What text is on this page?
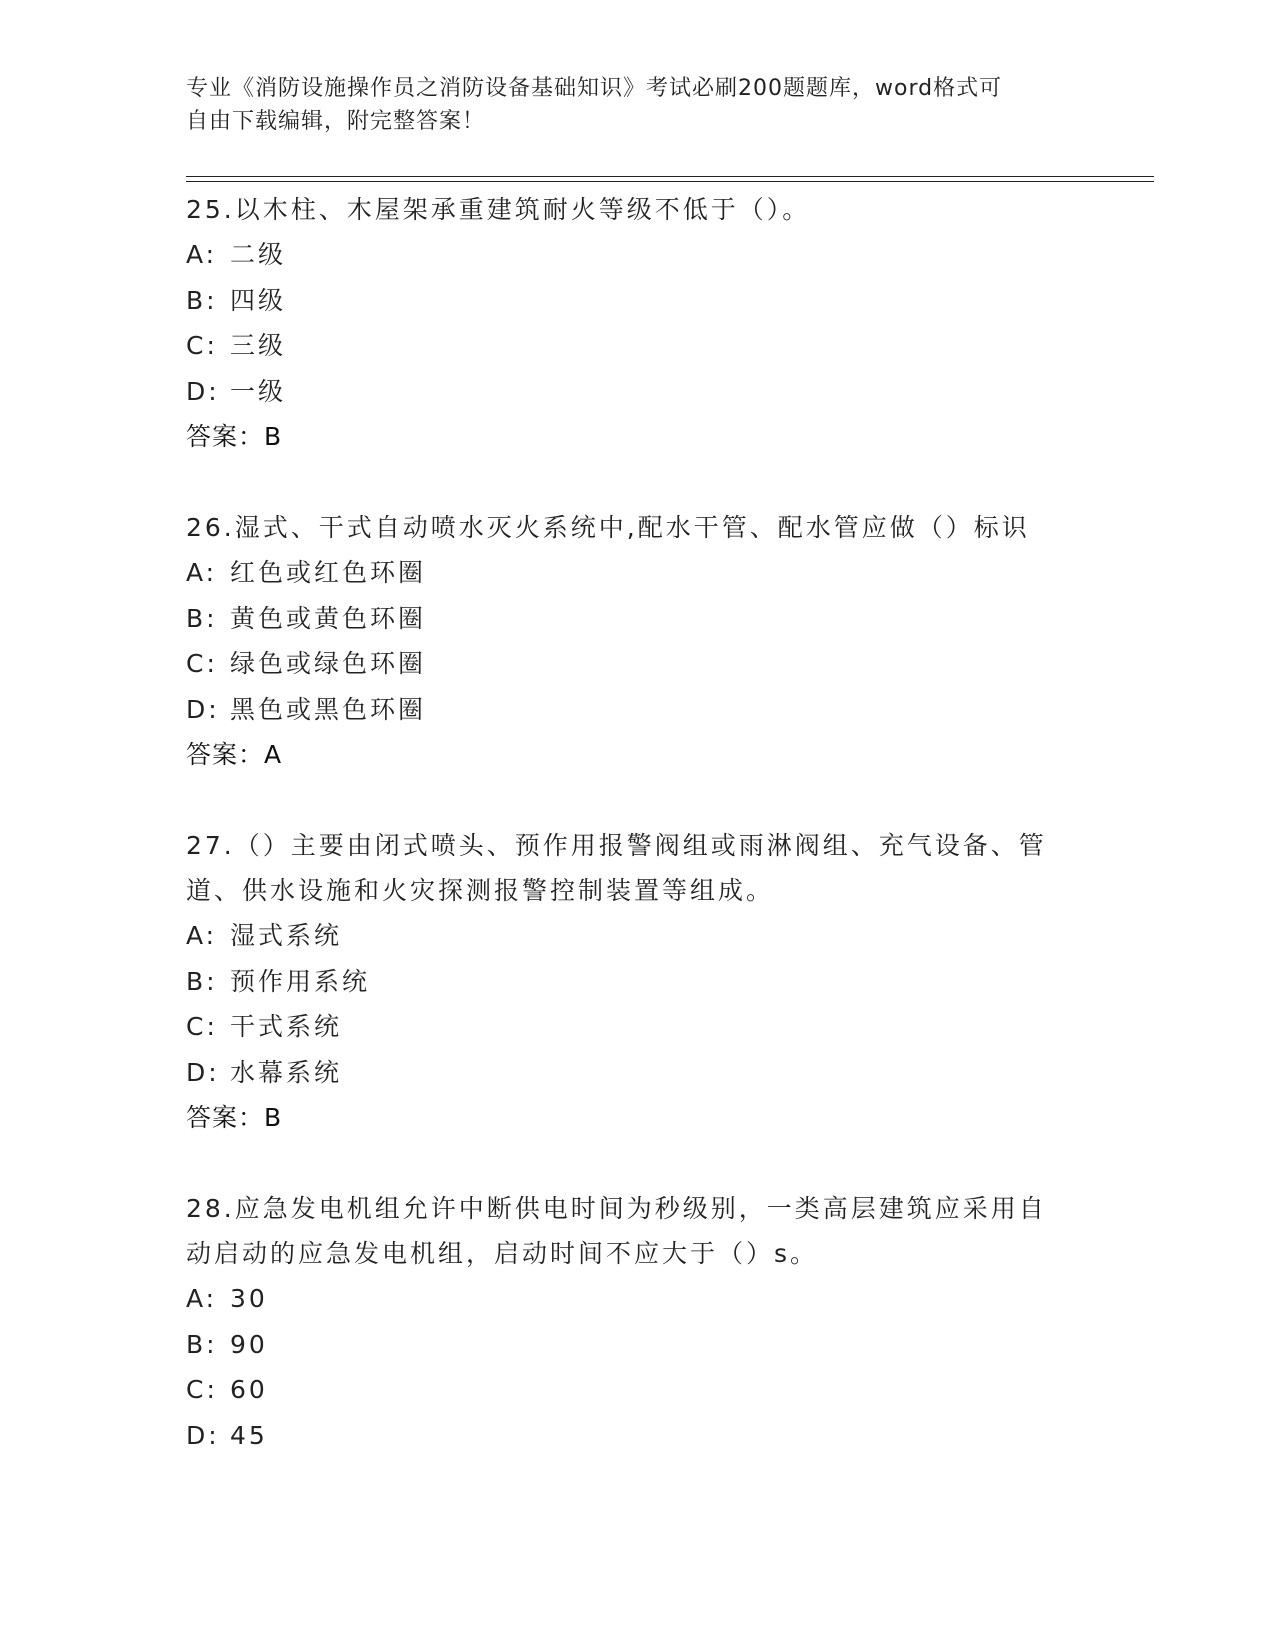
专业《消防设施操作员之消防设备基础知识》考试必刷200题题库，word格式可
自由下载编辑，附完整答案！

25.以木柱、木屋架承重建筑耐火等级不低于（）。

A: 二级

B: 四级

C: 三级

D: 一级

答案：B

26.湿式、干式自动喷水灭火系统中,配水干管、配水管应做（）标识

A: 红色或红色环圈

B: 黄色或黄色环圈

C: 绿色或绿色环圈

D: 黑色或黑色环圈

答案：A

27.（）主要由闭式喷头、预作用报警阀组或雨淋阀组、充气设备、管

道、供水设施和火灾探测报警控制装置等组成。

A: 湿式系统

B: 预作用系统

C: 干式系统

D: 水幕系统

答案：B

28.应急发电机组允许中断供电时间为秒级别，一类高层建筑应采用自

动启动的应急发电机组，启动时间不应大于（）s。

A: 30

B: 90

C: 60

D: 45
